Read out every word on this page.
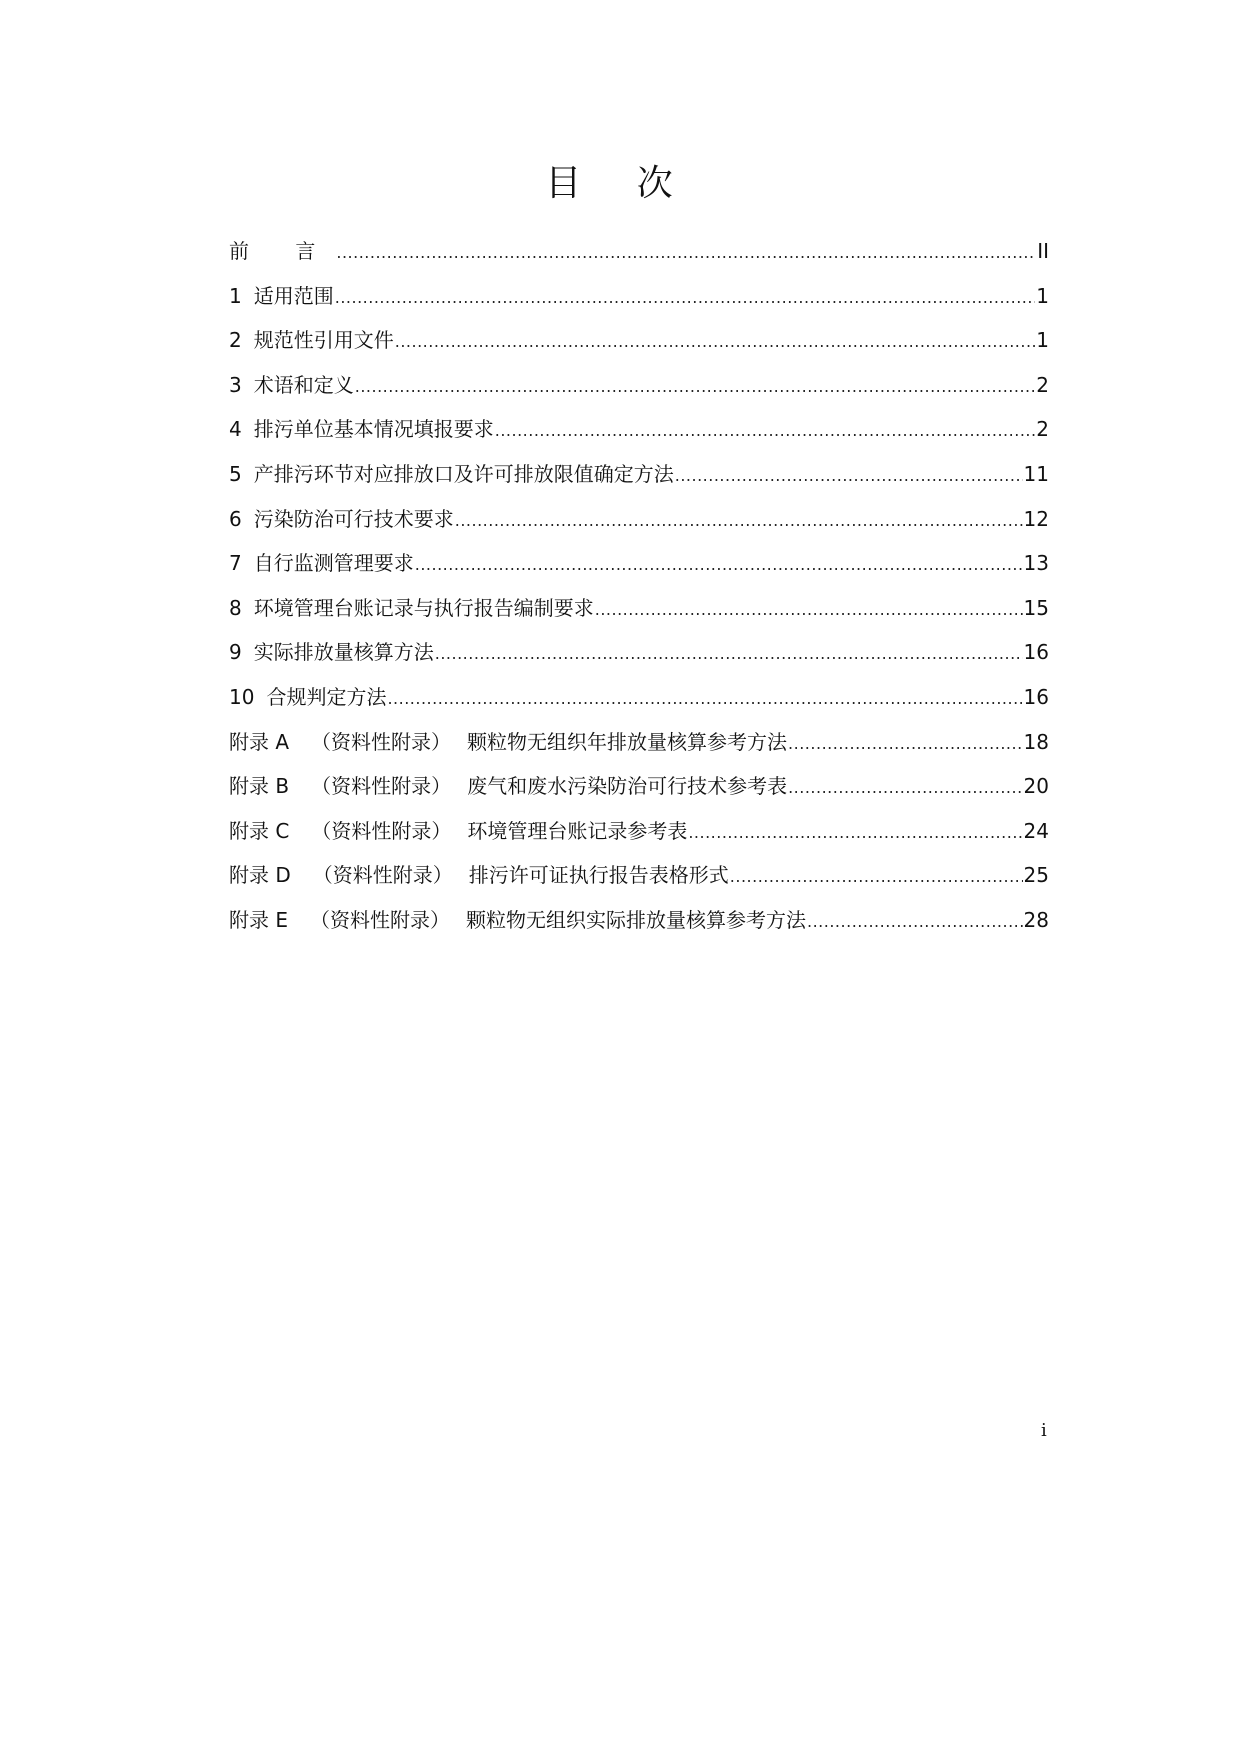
目 次
前 言 .....	II
1 适用范围 .....	1
2 规范性引用文件 .....	1
3 术语和定义 .....	2
4 排污单位基本情况填报要求 .....	2
5 产排污环节对应排放口及许可排放限值确定方法 .....	11
6 污染防治可行技术要求 .....	12
7 自行监测管理要求 .....	13
8 环境管理台账记录与执行报告编制要求 .....	15
9 实际排放量核算方法 .....	16
10 合规判定方法 .....	16
附录 A （资料性附录） 颗粒物无组织年排放量核算参考方法 .....	18
附录 B （资料性附录） 废气和废水污染防治可行技术参考表 .....	20
附录 C （资料性附录） 环境管理台账记录参考表 .....	24
附录 D （资料性附录） 排污许可证执行报告表格形式 .....	25
附录 E （资料性附录） 颗粒物无组织实际排放量核算参考方法 .....	28
i
